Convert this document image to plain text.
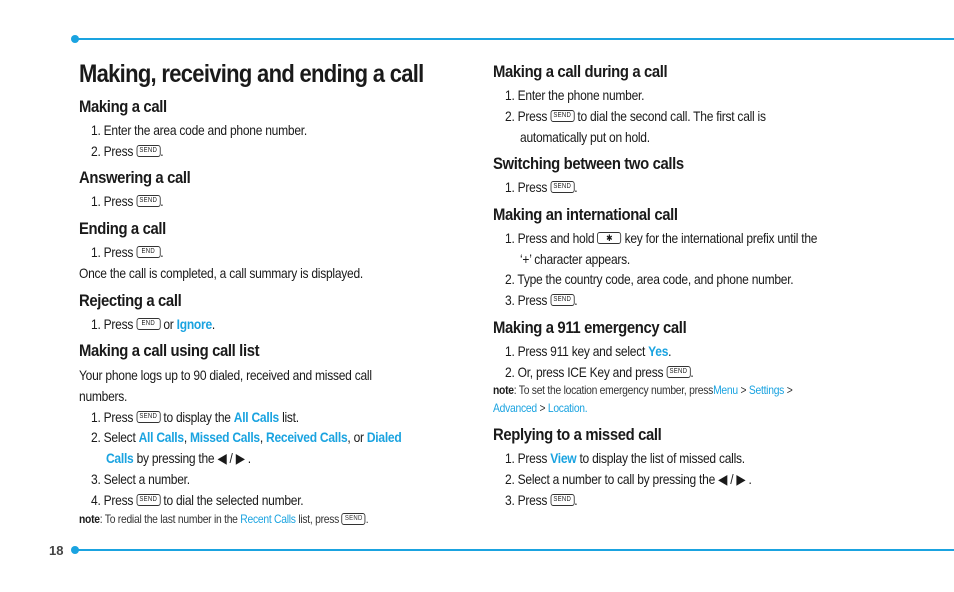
18
Making, receiving and ending a call
Making a call
1. Enter the area code and phone number.
2. Press SEND .
Answering a call
1. Press SEND .
Ending a call
1. Press END .
Once the call is completed, a call summary is displayed.
Rejecting a call
1. Press END or Ignore.
Making a call using call list
Your phone logs up to 90 dialed, received and missed call
numbers.
1. Press SEND to display the All Calls list.
2. Select All Calls, Missed Calls, Received Calls, or Dialed
Calls by pressing the ◀ / ▶ .
3. Select a number.
4. Press SEND to dial the selected number.
note: To redial the last number in the Recent Calls list, press SEND .
Making a call during a call
1. Enter the phone number.
2. Press SEND to dial the second call. The first call is
automatically put on hold.
Switching between two calls
1. Press SEND .
Making an international call
1. Press and hold ✱ key for the international prefix until the
‘+’ character appears.
2. Type the country code, area code, and phone number.
3. Press SEND .
Making a 911 emergency call
1. Press 911 key and select Yes.
2. Or, press ICE Key and press SEND .
note: To set the location emergency number, pressMenu > Settings >
Advanced > Location.
Replying to a missed call
1. Press View to display the list of missed calls.
2. Select a number to call by pressing the ◀ / ▶ .
3. Press SEND .
